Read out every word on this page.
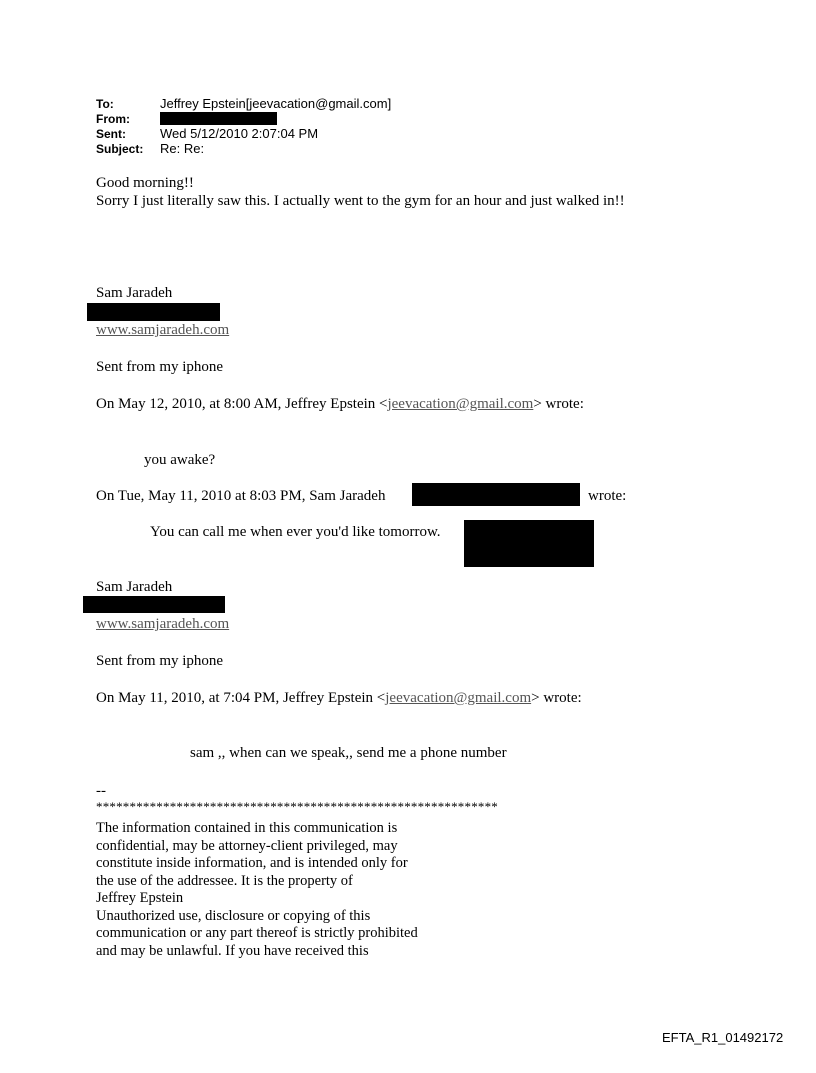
To:	Jeffrey Epstein[jeevacation@gmail.com]
From:
Sent:	Wed 5/12/2010 2:07:04 PM
Subject: Re: Re:
Good morning!!
Sorry I just literally saw this. I actually went to the gym for an hour and just walked in!!
Sam Jaradeh
www.samjaradeh.com
Sent from my iphone
On May 12, 2010, at 8:00 AM, Jeffrey Epstein <jeevacation@gmail.com> wrote:
you awake?
On Tue, May 11, 2010 at 8:03 PM, Sam Jaradeh	wrote:
You can call me when ever you'd like tomorrow.
Sam Jaradeh
www.samjaradeh.com
Sent from my iphone
On May 11, 2010, at 7:04 PM, Jeffrey Epstein <jeevacation@gmail.com> wrote:
sam ,, when can we speak,, send me a phone number
--
************************************************************
The information contained in this communication is
confidential, may be attorney-client privileged, may
constitute inside information, and is intended only for
the use of the addressee. It is the property of
Jeffrey Epstein
Unauthorized use, disclosure or copying of this
communication or any part thereof is strictly prohibited
and may be unlawful. If you have received this
EFTA_R1_01492172
